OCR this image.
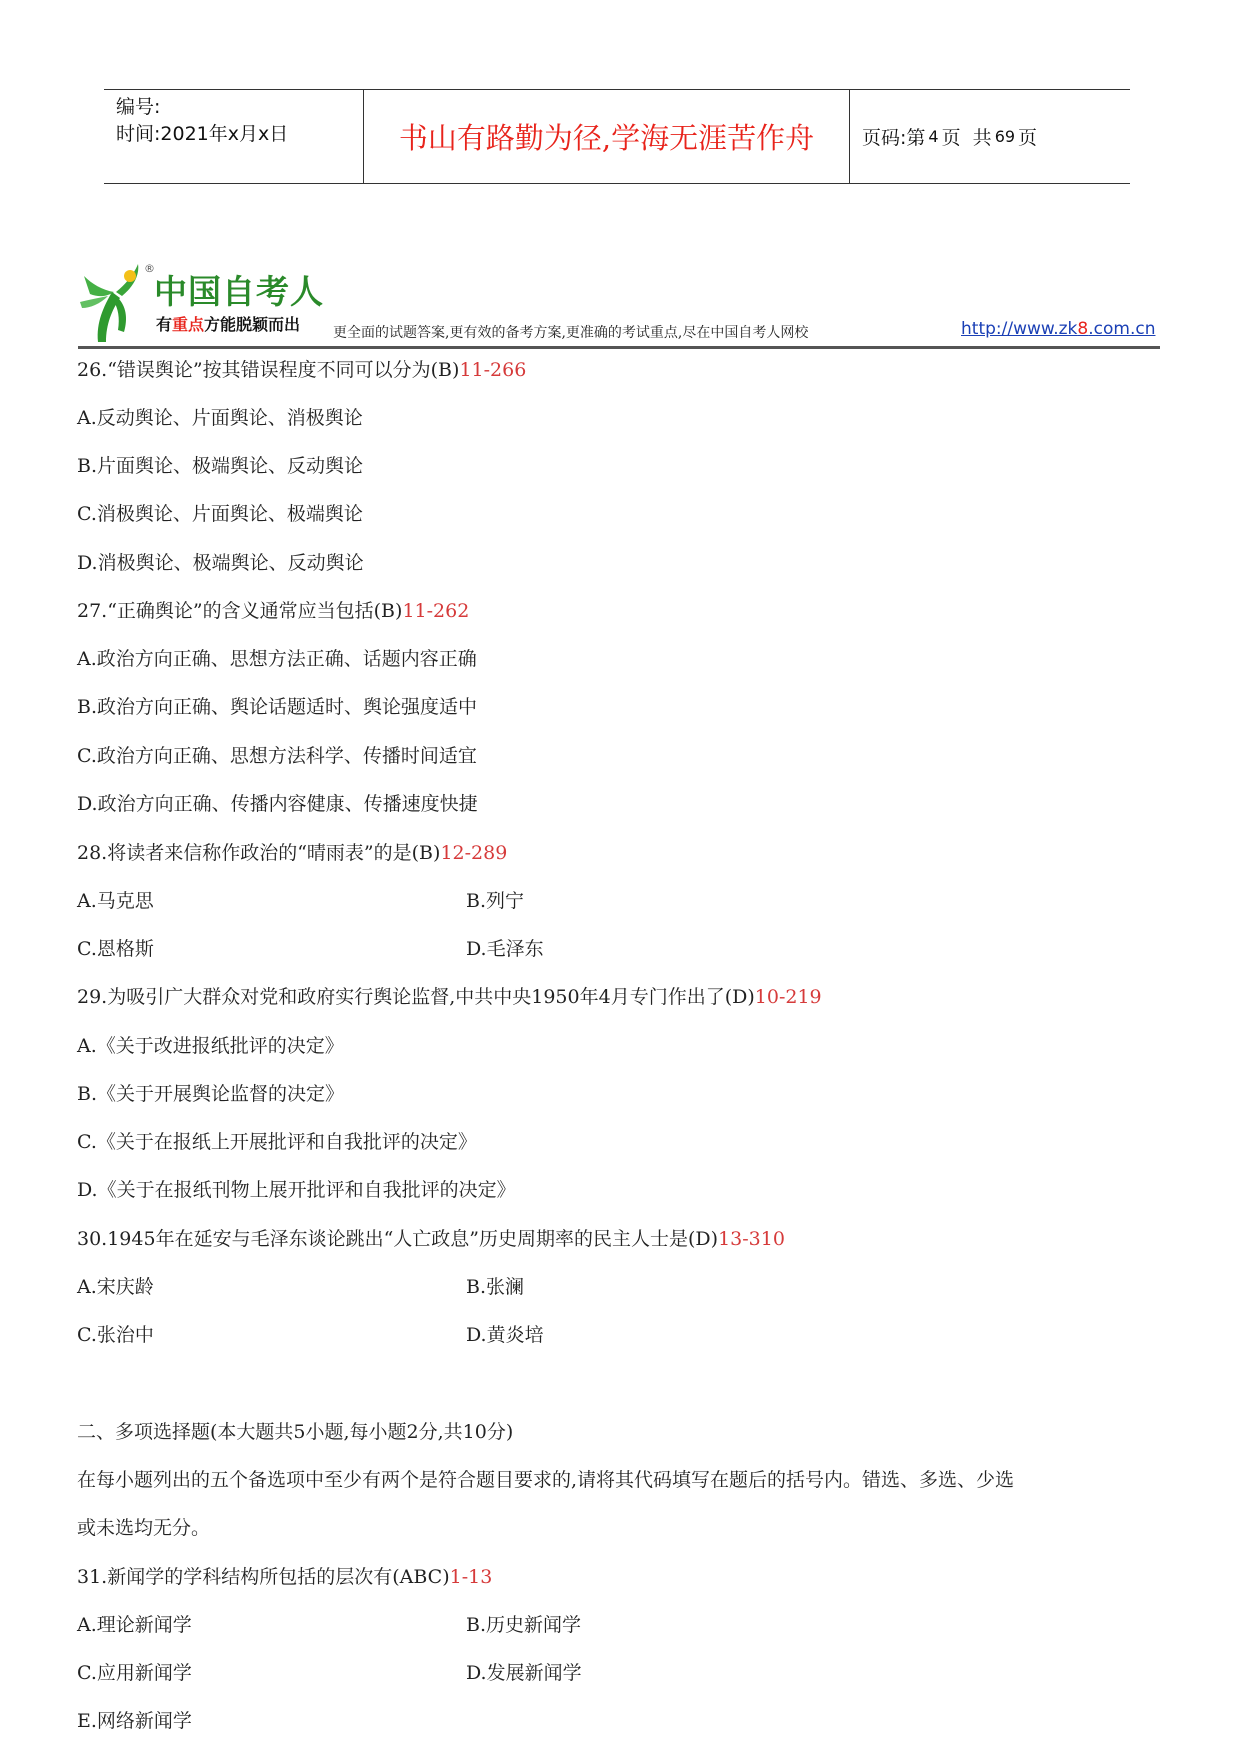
编号:
时间:2021年x月x日	书山有路勤为径,学海无涯苦作舟	页码:第 4 页  共 69 页
®
中国自考人
有重点方能脱颖而出 更全面的试题答案,更有效的备考方案,更准确的考试重点,尽在中国自考人网校	http://www.zk8.com.cn
26.“错误舆论”按其错误程度不同可以分为(B)11-266
A.反动舆论、片面舆论、消极舆论
B.片面舆论、极端舆论、反动舆论
C.消极舆论、片面舆论、极端舆论
D.消极舆论、极端舆论、反动舆论
27.“正确舆论”的含义通常应当包括(B)11-262
A.政治方向正确、思想方法正确、话题内容正确
B.政治方向正确、舆论话题适时、舆论强度适中
C.政治方向正确、思想方法科学、传播时间适宜
D.政治方向正确、传播内容健康、传播速度快捷
28.将读者来信称作政治的“晴雨表”的是(B)12-289
A.马克思	B.列宁
C.恩格斯	D.毛泽东
29.为吸引广大群众对党和政府实行舆论监督,中共中央1950年4月专门作出了(D)10-219
A.《关于改进报纸批评的决定》
B.《关于开展舆论监督的决定》
C.《关于在报纸上开展批评和自我批评的决定》
D.《关于在报纸刊物上展开批评和自我批评的决定》
30.1945年在延安与毛泽东谈论跳出“人亡政息”历史周期率的民主人士是(D)13-310
A.宋庆龄	B.张澜
C.张治中	D.黄炎培
二、多项选择题(本大题共5小题,每小题2分,共10分)
在每小题列出的五个备选项中至少有两个是符合题目要求的,请将其代码填写在题后的括号内。错选、多选、少选
或未选均无分。
31.新闻学的学科结构所包括的层次有(ABC)1-13
A.理论新闻学	B.历史新闻学
C.应用新闻学	D.发展新闻学
E.网络新闻学
